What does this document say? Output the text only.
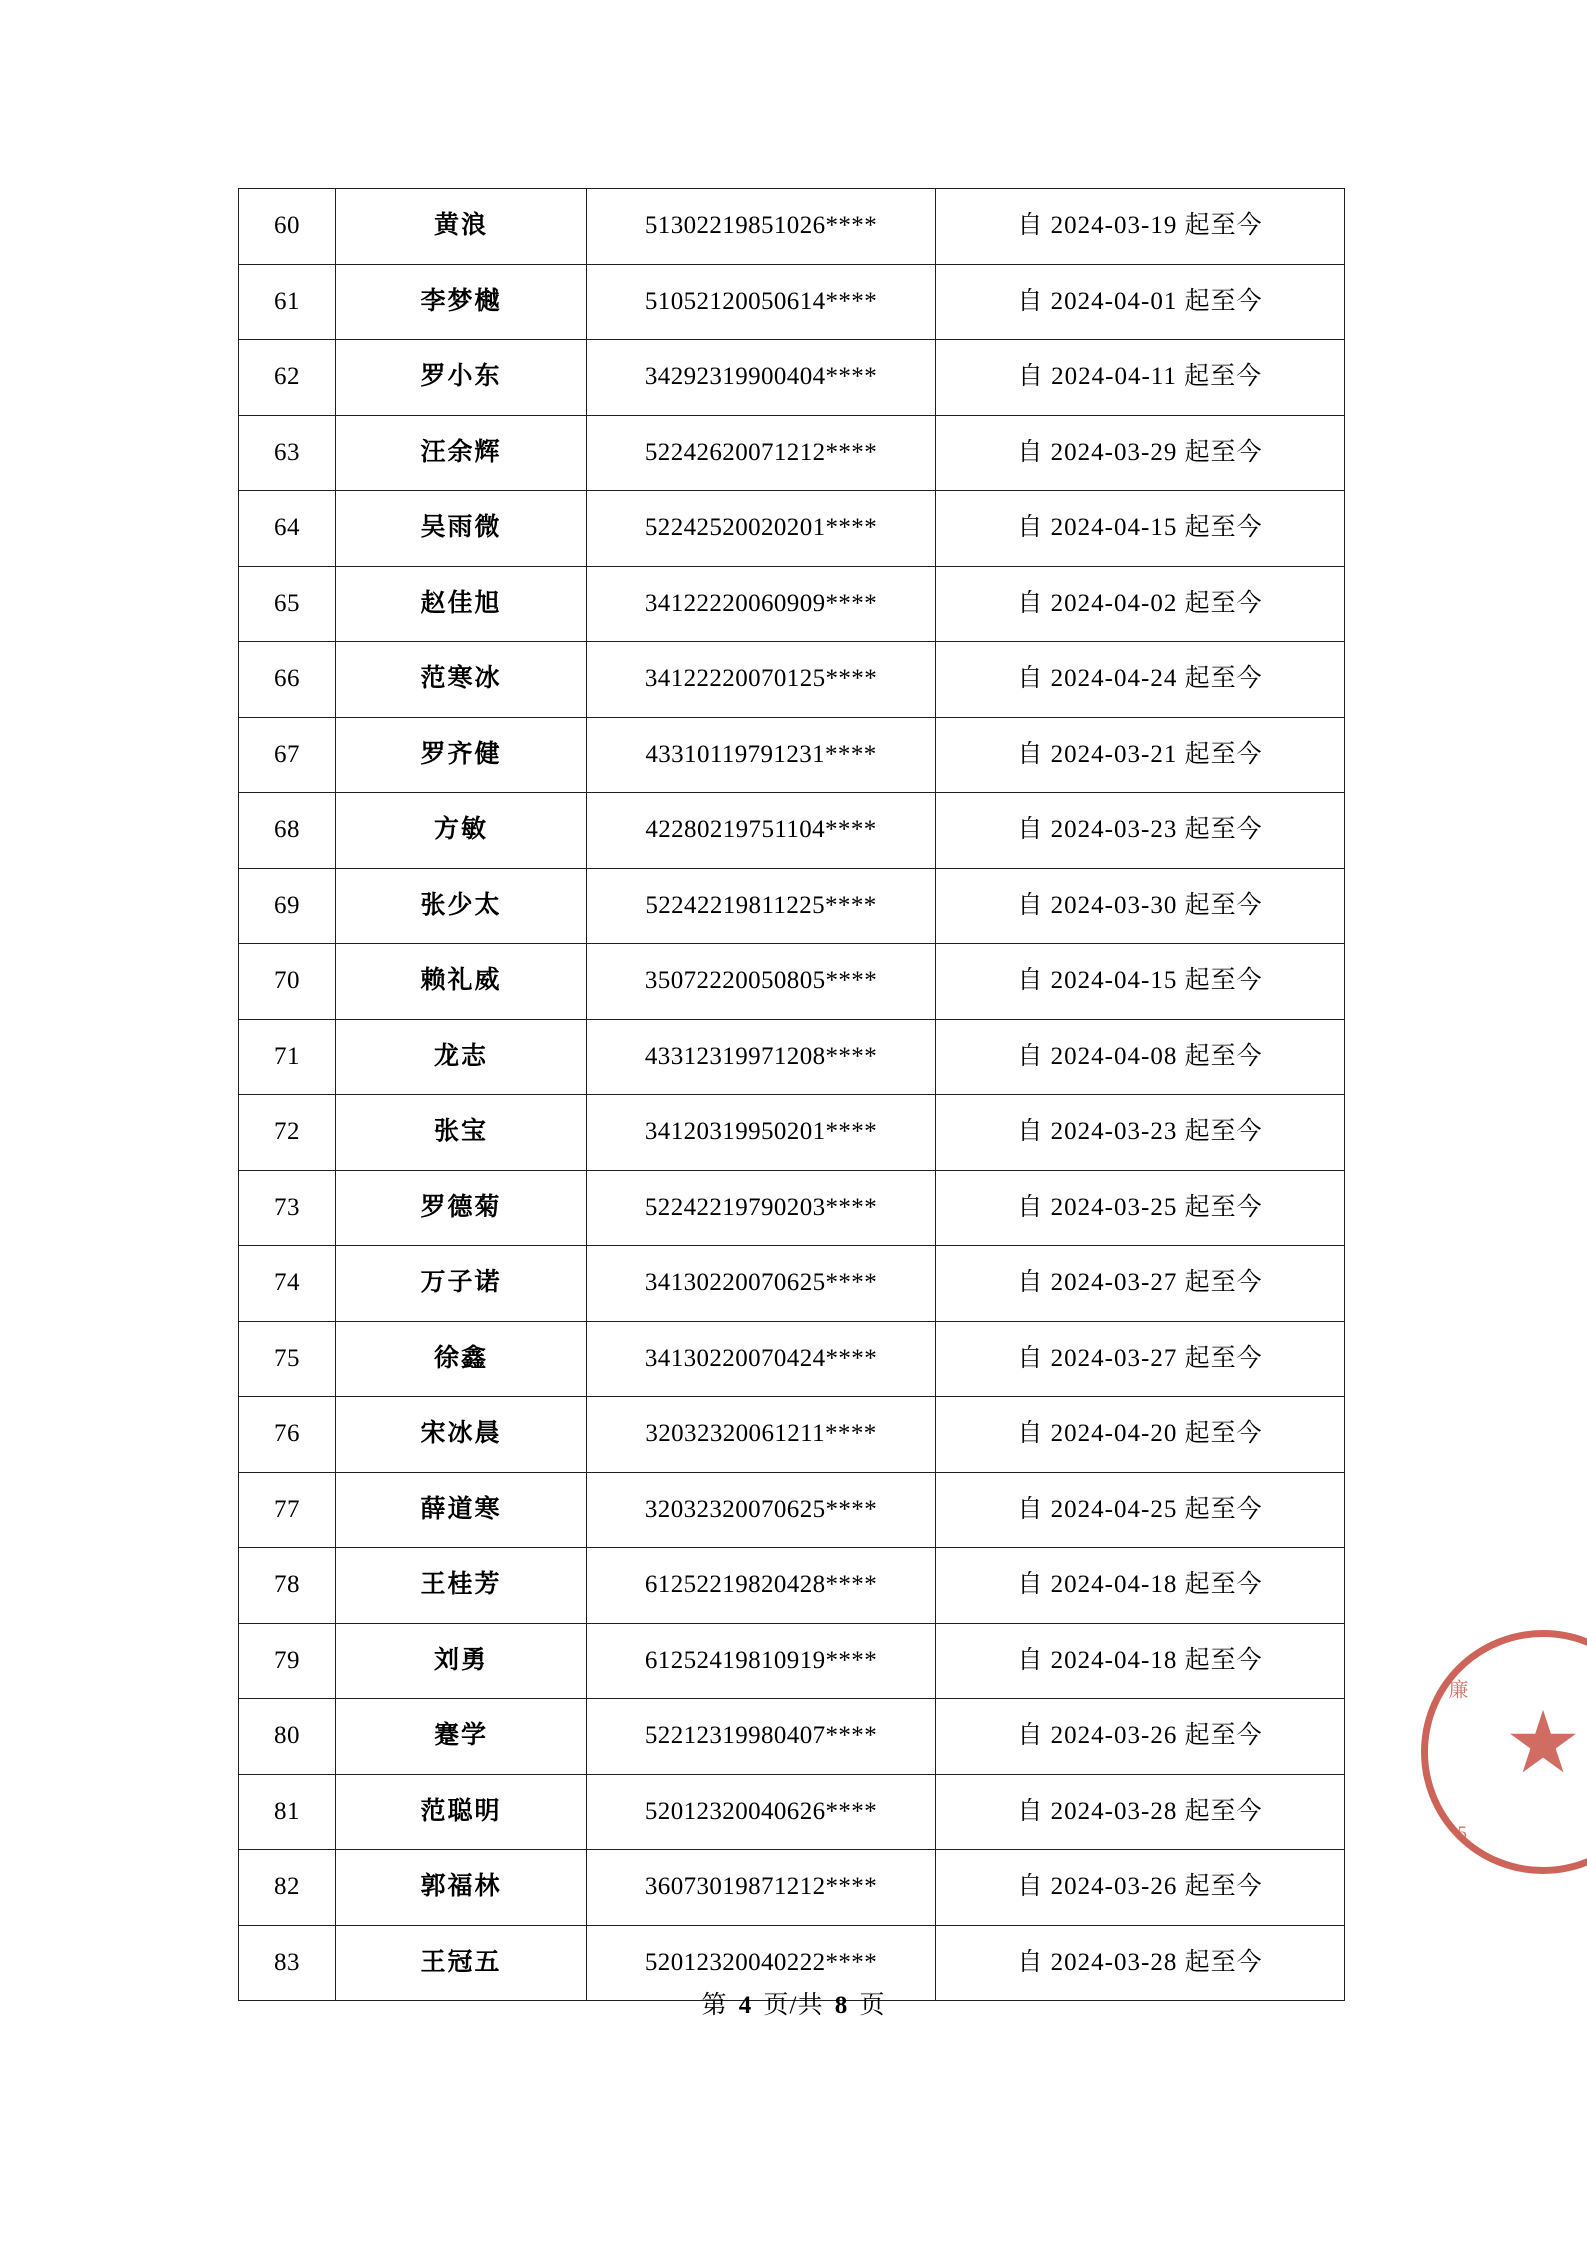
60	黄浪	51302219851026****	自 2024-03-19 起至今
61	李梦樾	51052120050614****	自 2024-04-01 起至今
62	罗小东	34292319900404****	自 2024-04-11 起至今
63	汪余辉	52242620071212****	自 2024-03-29 起至今
64	吴雨微	52242520020201****	自 2024-04-15 起至今
65	赵佳旭	34122220060909****	自 2024-04-02 起至今
66	范寒冰	34122220070125****	自 2024-04-24 起至今
67	罗齐健	43310119791231****	自 2024-03-21 起至今
68	方敏	42280219751104****	自 2024-03-23 起至今
69	张少太	52242219811225****	自 2024-03-30 起至今
70	赖礼威	35072220050805****	自 2024-04-15 起至今
71	龙志	43312319971208****	自 2024-04-08 起至今
72	张宝	34120319950201****	自 2024-03-23 起至今
73	罗德菊	52242219790203****	自 2024-03-25 起至今
74	万子诺	34130220070625****	自 2024-03-27 起至今
75	徐鑫	34130220070424****	自 2024-03-27 起至今
76	宋冰晨	32032320061211****	自 2024-04-20 起至今
77	薛道寒	32032320070625****	自 2024-04-25 起至今
78	王桂芳	61252219820428****	自 2024-04-18 起至今
79	刘勇	61252419810919****	自 2024-04-18 起至今
80	蹇学	52212319980407****	自 2024-03-26 起至今
81	范聪明	52012320040626****	自 2024-03-28 起至今
82	郭福林	36073019871212****	自 2024-03-26 起至今
83	王冠五	52012320040222****	自 2024-03-28 起至今
第 4 页/共 8 页
廉
★
65
